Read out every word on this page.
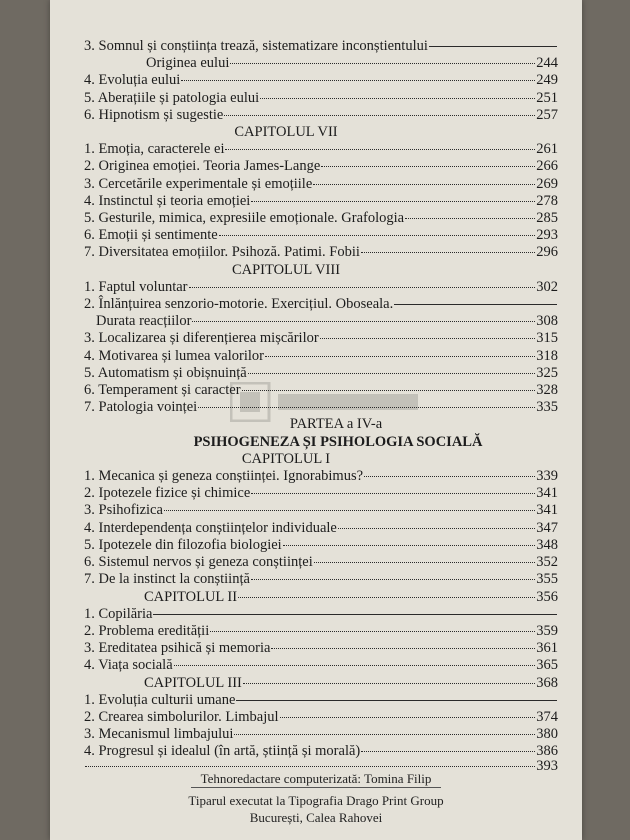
3. Somnul și conștiința trează, sistematizare inconștientului
Originea eului	244
4. Evoluția eului	249
5. Aberațiile și patologia eului	251
6. Hipnotism și sugestie	257
CAPITOLUL VII
1. Emoția, caracterele ei	261
2. Originea emoției. Teoria James-Lange	266
3. Cercetările experimentale și emoțiile	269
4. Instinctul și teoria emoției	278
5. Gesturile, mimica, expresiile emoționale. Grafologia	285
6. Emoții și sentimente	293
7. Diversitatea emoțiilor. Psihoză. Patimi. Fobii	296
CAPITOLUL VIII
1. Faptul voluntar	302
2. Înlănțuirea senzorio-motorie. Exercițiul. Oboseala.
Durata reacțiilor	308
3. Localizarea și diferențierea mișcărilor	315
4. Motivarea și lumea valorilor	318
5. Automatism și obișnuință	325
6. Temperament și caracter	328
7. Patologia voinței	335
PARTEA a IV-a
PSIHOGENEZA ȘI PSIHOLOGIA SOCIALĂ
CAPITOLUL I
1. Mecanica și geneza conștiinței. Ignorabimus?	339
2. Ipotezele fizice și chimice	341
3. Psihofizica	341
4. Interdependența conștiințelor individuale	347
5. Ipotezele din filozofia biologiei	348
6. Sistemul nervos și geneza conștiinței	352
7. De la instinct la conștiință	355
CAPITOLUL II	356
1. Copilăria
2. Problema eredității	359
3. Ereditatea psihică și memoria	361
4. Viața socială	365
CAPITOLUL III	368
1. Evoluția culturii umane
2. Crearea simbolurilor. Limbajul	374
3. Mecanismul limbajului	380
4. Progresul și idealul (în artă, știință și morală)	386
393
Tehnoredactare computerizată: Tomina Filip
Tiparul executat la Tipografia Drago Print Group
București, Calea Rahovei
